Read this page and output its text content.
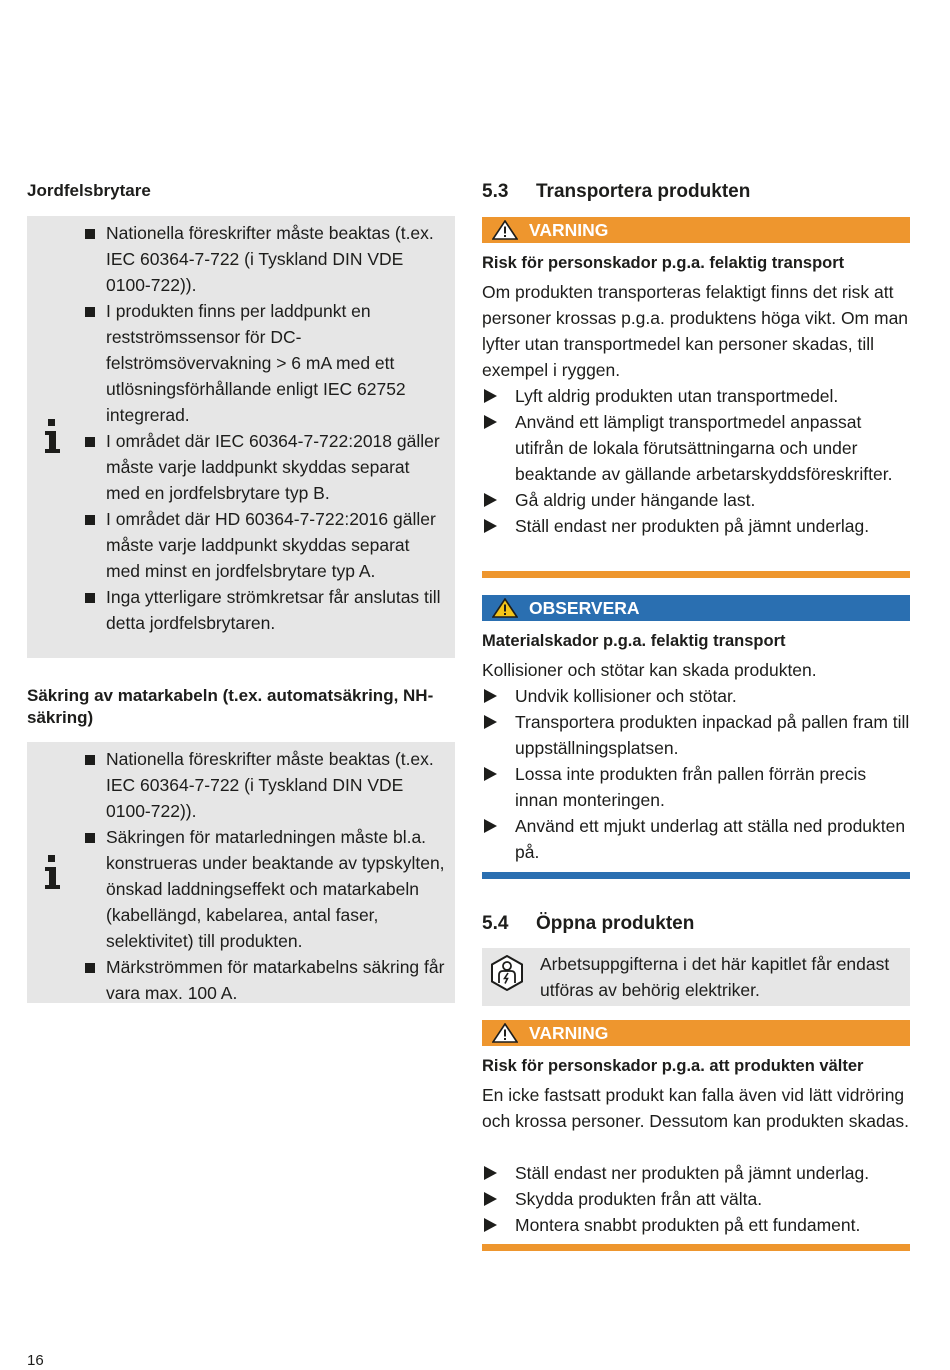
Jordfelsbrytare

Nationella föreskrifter måste beaktas (t.ex. IEC 60364-7-722 (i Tyskland DIN VDE 0100-722)).
I produkten finns per laddpunkt en restströmssensor för DC-felströmsövervakning > 6 mA med ett utlösningsförhållande enligt IEC 62752 integrerad.
I området där IEC 60364-7-722:2018 gäller måste varje laddpunkt skyddas separat med en jordfelsbrytare typ B.
I området där HD 60364-7-722:2016 gäller måste varje laddpunkt skyddas separat med minst en jordfelsbrytare typ A.
Inga ytterligare strömkretsar får anslutas till detta jordfelsbrytaren.

Säkring av matarkabeln (t.ex. automatsäkring, NH-säkring)

Nationella föreskrifter måste beaktas (t.ex. IEC 60364-7-722 (i Tyskland DIN VDE 0100-722)).
Säkringen för matarledningen måste bl.a. konstrueras under beaktande av typskylten, önskad laddningseffekt och matarkabeln (kabellängd, kabelarea, antal faser, selektivitet) till produkten.
Märkströmmen för matarkabelns säkring får vara max. 100 A.
5.3 Transportera produkten
VARNING
Risk för personskador p.g.a. felaktig transport

Om produkten transporteras felaktigt finns det risk att personer krossas p.g.a. produktens höga vikt. Om man lyfter utan transportmedel kan personer skadas, till exempel i ryggen.

Lyft aldrig produkten utan transportmedel.
Använd ett lämpligt transportmedel anpassat utifrån de lokala förutsättningarna och under beaktande av gällande arbetarskyddsföreskrifter.
Gå aldrig under hängande last.
Ställ endast ner produkten på jämnt underlag.
OBSERVERA
Materialskador p.g.a. felaktig transport

Kollisioner och stötar kan skada produkten.

Undvik kollisioner och stötar.
Transportera produkten inpackad på pallen fram till uppställningsplatsen.
Lossa inte produkten från pallen förrän precis innan monteringen.
Använd ett mjukt underlag att ställa ned produkten på.
5.4 Öppna produkten
Arbetsuppgifterna i det här kapitlet får endast utföras av behörig elektriker.
VARNING
Risk för personskador p.g.a. att produkten välter

En icke fastsatt produkt kan falla även vid lätt vidröring och krossa personer. Dessutom kan produkten skadas.

Ställ endast ner produkten på jämnt underlag.
Skydda produkten från att välta.
Montera snabbt produkten på ett fundament.
16
